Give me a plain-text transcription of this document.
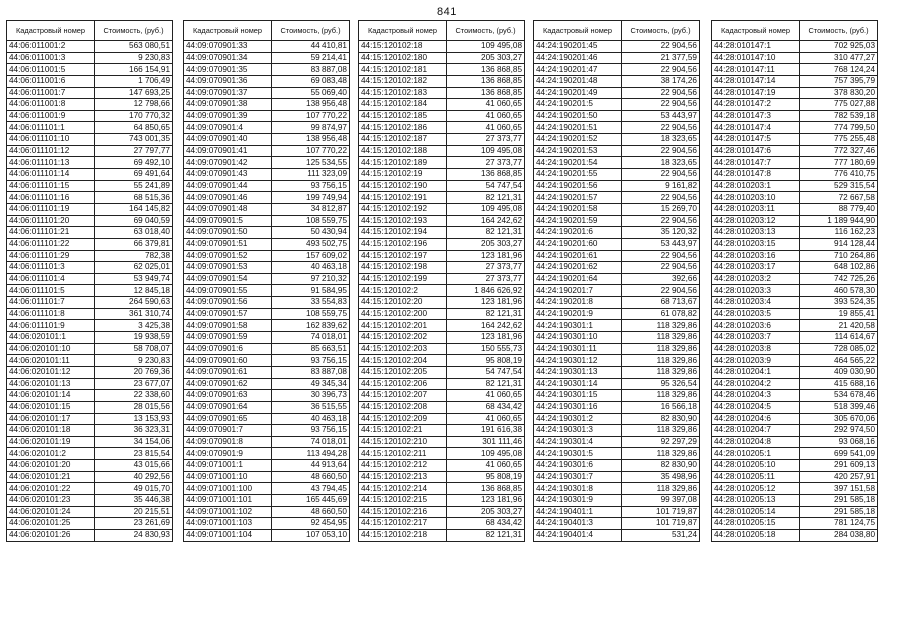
841
Кадастровый номер	Стоимость, (руб.)
44:06:011001:2	563 080,51
44:06:011001:3	9 230,83
44:06:011001:5	166 154,91
44:06:011001:6	1 706,49
44:06:011001:7	147 693,25
44:06:011001:8	12 798,66
44:06:011001:9	170 770,32
44:06:011101:1	64 850,65
44:06:011101:10	743 001,35
44:06:011101:12	27 797,77
44:06:011101:13	69 492,10
44:06:011101:14	69 491,64
44:06:011101:15	55 241,89
44:06:011101:16	68 515,36
44:06:011101:19	164 145,82
44:06:011101:20	69 040,59
44:06:011101:21	63 018,40
44:06:011101:22	66 379,81
44:06:011101:29	782,38
44:06:011101:3	62 025,01
44:06:011101:4	53 949,74
44:06:011101:5	12 845,18
44:06:011101:7	264 590,63
44:06:011101:8	361 310,74
44:06:011101:9	3 425,38
44:06:020101:1	19 938,59
44:06:020101:10	58 708,07
44:06:020101:11	9 230,83
44:06:020101:12	20 769,36
44:06:020101:13	23 677,07
44:06:020101:14	22 338,60
44:06:020101:15	28 015,56
44:06:020101:17	13 153,93
44:06:020101:18	36 323,31
44:06:020101:19	34 154,06
44:06:020101:2	23 815,54
44:06:020101:20	43 015,66
44:06:020101:21	40 292,56
44:06:020101:22	49 015,70
44:06:020101:23	35 446,38
44:06:020101:24	20 215,51
44:06:020101:25	23 261,69
44:06:020101:26	24 830,93
Кадастровый номер	Стоимость, (руб.)
44:09:070901:33	44 410,81
44:09:070901:34	59 214,41
44:09:070901:35	83 887,08
44:09:070901:36	69 083,48
44:09:070901:37	55 069,40
44:09:070901:38	138 956,48
44:09:070901:39	107 770,22
44:09:070901:4	99 874,97
44:09:070901:40	138 956,48
44:09:070901:41	107 770,22
44:09:070901:42	125 534,55
44:09:070901:43	111 323,09
44:09:070901:44	93 756,15
44:09:070901:46	199 749,94
44:09:070901:48	34 812,87
44:09:070901:5	108 559,75
44:09:070901:50	50 430,94
44:09:070901:51	493 502,75
44:09:070901:52	157 609,02
44:09:070901:53	40 463,18
44:09:070901:54	97 210,32
44:09:070901:55	91 584,95
44:09:070901:56	33 554,83
44:09:070901:57	108 559,75
44:09:070901:58	162 839,62
44:09:070901:59	74 018,01
44:09:070901:6	85 663,51
44:09:070901:60	93 756,15
44:09:070901:61	83 887,08
44:09:070901:62	49 345,34
44:09:070901:63	30 396,73
44:09:070901:64	36 515,55
44:09:070901:65	40 463,18
44:09:070901:7	93 756,15
44:09:070901:8	74 018,01
44:09:070901:9	113 494,28
44:09:071001:1	44 913,64
44:09:071001:10	48 660,50
44:09:071001:100	43 794,45
44:09:071001:101	165 445,69
44:09:071001:102	48 660,50
44:09:071001:103	92 454,95
44:09:071001:104	107 053,10
Кадастровый номер	Стоимость, (руб.)
44:15:120102:18	109 495,08
44:15:120102:180	205 303,27
44:15:120102:181	136 868,85
44:15:120102:182	136 868,85
44:15:120102:183	136 868,85
44:15:120102:184	41 060,65
44:15:120102:185	41 060,65
44:15:120102:186	41 060,65
44:15:120102:187	27 373,77
44:15:120102:188	109 495,08
44:15:120102:189	27 373,77
44:15:120102:19	136 868,85
44:15:120102:190	54 747,54
44:15:120102:191	82 121,31
44:15:120102:192	109 495,08
44:15:120102:193	164 242,62
44:15:120102:194	82 121,31
44:15:120102:196	205 303,27
44:15:120102:197	123 181,96
44:15:120102:198	27 373,77
44:15:120102:199	27 373,77
44:15:120102:2	1 846 626,92
44:15:120102:20	123 181,96
44:15:120102:200	82 121,31
44:15:120102:201	164 242,62
44:15:120102:202	123 181,96
44:15:120102:203	150 555,73
44:15:120102:204	95 808,19
44:15:120102:205	54 747,54
44:15:120102:206	82 121,31
44:15:120102:207	41 060,65
44:15:120102:208	68 434,42
44:15:120102:209	41 060,65
44:15:120102:21	191 616,38
44:15:120102:210	301 111,46
44:15:120102:211	109 495,08
44:15:120102:212	41 060,65
44:15:120102:213	95 808,19
44:15:120102:214	136 868,85
44:15:120102:215	123 181,96
44:15:120102:216	205 303,27
44:15:120102:217	68 434,42
44:15:120102:218	82 121,31
Кадастровый номер	Стоимость, (руб.)
44:24:190201:45	22 904,56
44:24:190201:46	21 377,59
44:24:190201:47	22 904,56
44:24:190201:48	38 174,26
44:24:190201:49	22 904,56
44:24:190201:5	22 904,56
44:24:190201:50	53 443,97
44:24:190201:51	22 904,56
44:24:190201:52	18 323,65
44:24:190201:53	22 904,56
44:24:190201:54	18 323,65
44:24:190201:55	22 904,56
44:24:190201:56	9 161,82
44:24:190201:57	22 904,56
44:24:190201:58	15 269,70
44:24:190201:59	22 904,56
44:24:190201:6	35 120,32
44:24:190201:60	53 443,97
44:24:190201:61	22 904,56
44:24:190201:62	22 904,56
44:24:190201:64	392,66
44:24:190201:7	22 904,56
44:24:190201:8	68 713,67
44:24:190201:9	61 078,82
44:24:190301:1	118 329,86
44:24:190301:10	118 329,86
44:24:190301:11	118 329,86
44:24:190301:12	118 329,86
44:24:190301:13	118 329,86
44:24:190301:14	95 326,54
44:24:190301:15	118 329,86
44:24:190301:16	16 566,18
44:24:190301:2	82 830,90
44:24:190301:3	118 329,86
44:24:190301:4	92 297,29
44:24:190301:5	118 329,86
44:24:190301:6	82 830,90
44:24:190301:7	35 498,96
44:24:190301:8	118 329,86
44:24:190301:9	99 397,08
44:24:190401:1	101 719,87
44:24:190401:3	101 719,87
44:24:190401:4	531,24
Кадастровый номер	Стоимость, (руб.)
44:28:010147:1	702 925,03
44:28:010147:10	310 477,27
44:28:010147:11	768 124,24
44:28:010147:14	757 395,79
44:28:010147:19	378 830,20
44:28:010147:2	775 027,88
44:28:010147:3	782 539,18
44:28:010147:4	774 799,50
44:28:010147:5	775 255,48
44:28:010147:6	772 327,46
44:28:010147:7	777 180,69
44:28:010147:8	776 410,75
44:28:010203:1	529 315,54
44:28:010203:10	72 667,58
44:28:010203:11	88 779,40
44:28:010203:12	1 189 944,90
44:28:010203:13	116 162,23
44:28:010203:15	914 128,44
44:28:010203:16	710 264,86
44:28:010203:17	648 102,86
44:28:010203:2	742 725,26
44:28:010203:3	460 578,30
44:28:010203:4	393 524,35
44:28:010203:5	19 855,41
44:28:010203:6	21 420,58
44:28:010203:7	114 614,67
44:28:010203:8	728 085,02
44:28:010203:9	464 565,22
44:28:010204:1	409 030,90
44:28:010204:2	415 688,16
44:28:010204:3	534 678,46
44:28:010204:5	518 399,46
44:28:010204:6	305 670,06
44:28:010204:7	292 974,50
44:28:010204:8	93 068,16
44:28:010205:1	699 541,09
44:28:010205:10	291 609,13
44:28:010205:11	420 257,91
44:28:010205:12	397 151,58
44:28:010205:13	291 585,18
44:28:010205:14	291 585,18
44:28:010205:15	781 124,75
44:28:010205:18	284 038,80
